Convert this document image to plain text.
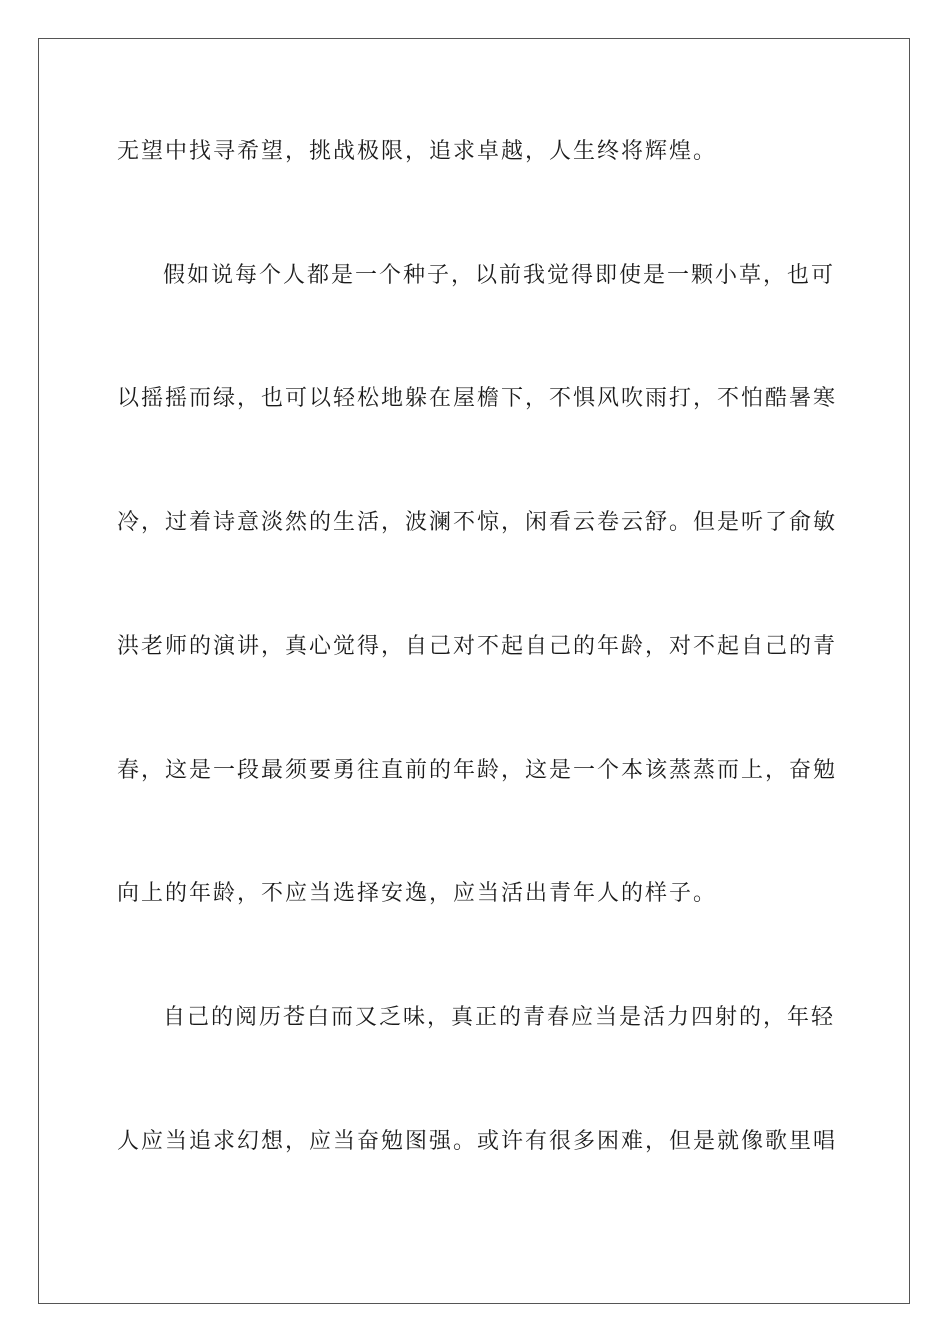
无望中找寻希望，挑战极限，追求卓越，人生终将辉煌。
假如说每个人都是一个种子，以前我觉得即使是一颗小草，也可
以摇摇而绿，也可以轻松地躲在屋檐下，不惧风吹雨打，不怕酷暑寒
冷，过着诗意淡然的生活，波澜不惊，闲看云卷云舒。但是听了俞敏
洪老师的演讲，真心觉得，自己对不起自己的年龄，对不起自己的青
春，这是一段最须要勇往直前的年龄，这是一个本该蒸蒸而上，奋勉
向上的年龄，不应当选择安逸，应当活出青年人的样子。
自己的阅历苍白而又乏味，真正的青春应当是活力四射的，年轻
人应当追求幻想，应当奋勉图强。或许有很多困难，但是就像歌里唱
